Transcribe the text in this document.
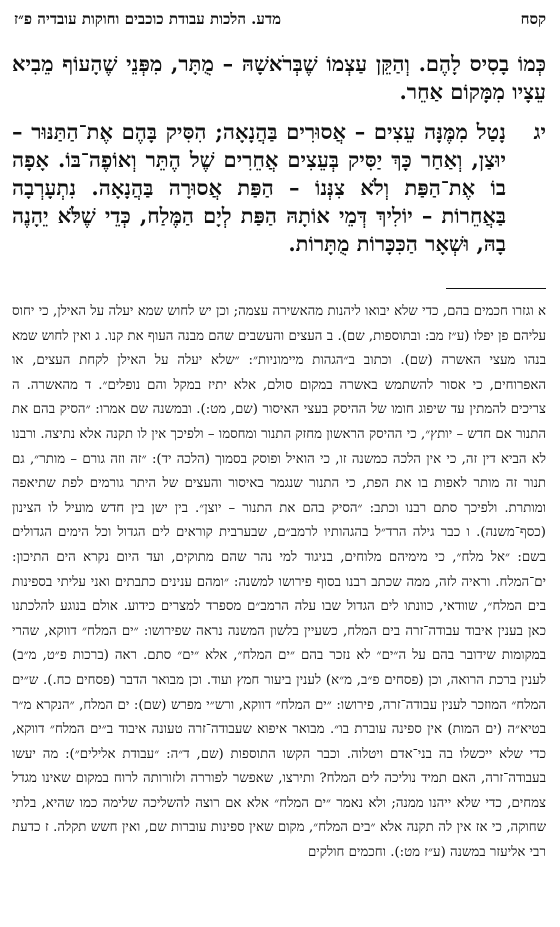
קסח
מדע. הלכות עבודת כוכבים וחוקות עובדיה פ״ז

כְּמוֹ בָסִיס לָהֶם. וְהַקֵּן עַצְמוֹ שֶׁבְּרֹאשָׁהּ – מֻתָּר, מִפְּנֵי שֶׁהָעוֹף מֵבִיא עֵצָיו מִמָּקוֹם אַחֵר.

יג
נָטַל מִמֶּנָּה עֵצִים – אֲסוּרִים בַּהֲנָאָה; הִסִּיק בָּהֶם אֶת־הַתַּנּוּר – יוּצַן, וְאַחַר כָּךְ יַסִּיק בְּעֵצִים אֲחֵרִים שֶׁל הֶתֵּר וְאוֹפֶה־בּוֹ. אָפָה בוֹ אֶת־הַפַּת וְלֹא צִנְּנוֹ – הַפַּת אֲסוּרָה בַּהֲנָאָה. נִתְעָרְבָה בַּאֲחֵרוֹת – יוֹלִיךְ דְּמֵי אוֹתָהּ הַפַּת לְיָם הַמֶּלַח, כְּדֵי שֶׁלֹּא יֵהָנֶה בָהּ, וּשְׁאָר הַכִּכָּרוֹת מֻתָּרוֹת.

א וגזרו חכמים בהם, כדי שלא יבואו ליהנות מהאשירה עצמה; וכן יש לחוש שמא יעלה על האילן, כי יחוס עליהם פן יפלו (ע״ז מב: ובתוספות, שם). ב העצים והעשבים שהם מבנה העוף את קנו. ג ואין לחוש שמא בנהו מעצי האשרה (שם). וכתוב ב״הגהות מיימוניות״: ״שלא יעלה על האילן לקחת העצים, או האפרוחים, כי אסור להשתמש באשרה במקום סולם, אלא יתיז במקל והם נופלים״. ד מהאשרה. ה צריכים להמתין עד שיפוג חומו של ההיסק בעצי האיסור (שם, מט:). ובמשנה שם אמרו: ״הסיק בהם את התנור אם חדש – יותץ״, כי ההיסק הראשון מחזק התנור ומחסמו – ולפיכך אין לו תקנה אלא נתיצה. ורבנו לא הביא דין זה, כי אין הלכה כמשנה זו, כי הואיל ופוסק בסמוך (הלכה יד): ״זה וזה גורם – מותר״, גם תנור זה מותר לאפות בו את הפת, כי התנור שנגמר באיסור והעצים של היתר גורמים לפת שתיאפה ומותרת. ולפיכך סתם רבנו וכתב: ״הסיק בהם את התנור – יוצן״. בין ישן בין חדש מועיל לו הצינון (כסף־משנה). ו כבר גילה הרד״ל בהגהותיו לרמב״ם, שבערבית קוראים לים הגדול וכל הימים הגדולים בשם: ״אל מלח״, כי מימיהם מלוחים, בניגוד למי נהר שהם מתוקים, ועד היום נקרא הים התיכון: ים־המלח. וראיה לזה, ממה שכתב רבנו בסוף פירושו למשנה: ״ומהם ענינים כתבתים ואני עליתי בספינות בים המלח״, שוודאי, כוונתו לים הגדול שבו עלה הרמב״ם מספרד למצרים כידוע. אולם בנוגע להלכתנו כאן בענין איבוד עבודה־זרה בים המלח, כשעיין בלשון המשנה נראה שפירושו: ״ים המלח״ דווקא, שהרי במקומות שידובר בהם על ה״ים״ לא נזכר בהם ״ים המלח״, אלא ״ים״ סתם. ראה (ברכות פ״ט, מ״ב) לענין ברכת הרואה, וכן (פסחים פ״ב, מ״א) לענין ביעור חמץ ועוד. וכן מבואר הדבר (פסחים כח.). ש״ים המלח״ המוזכר לענין עבודה־זרה, פירושו: ״ים המלח״ דווקא, ורש״י מפרש (שם): ים המלח, ״הנקרא מ״ר בטיא״ה (ים המות) אין ספינה עוברת בו״. מבואר איפוא שעבודה־זרה טעונה איבוד ב״ים המלח״ דווקא, כדי שלא ייכשלו בה בני־אדם ויטלוה. וכבר הקשו התוספות (שם, ד״ה: ״עבודת אלילים״): מה יעשו בעבודה־זרה, האם תמיד נוליכה לים המלח? ותירצו, שאפשר לפוררה ולזורותה לרוח במקום שאינו מגדל צמחים, כדי שלא ייהנו ממנה; ולא נאמר ״ים המלח״ אלא אם רוצה להשליכה שלימה כמו שהיא, בלתי שחוקה, כי אז אין לה תקנה אלא ״בים המלח״, מקום שאין ספינות עוברות שם, ואין חשש תקלה. ז כדעת רבי אליעזר במשנה (ע״ז מט:). וחכמים חולקים
